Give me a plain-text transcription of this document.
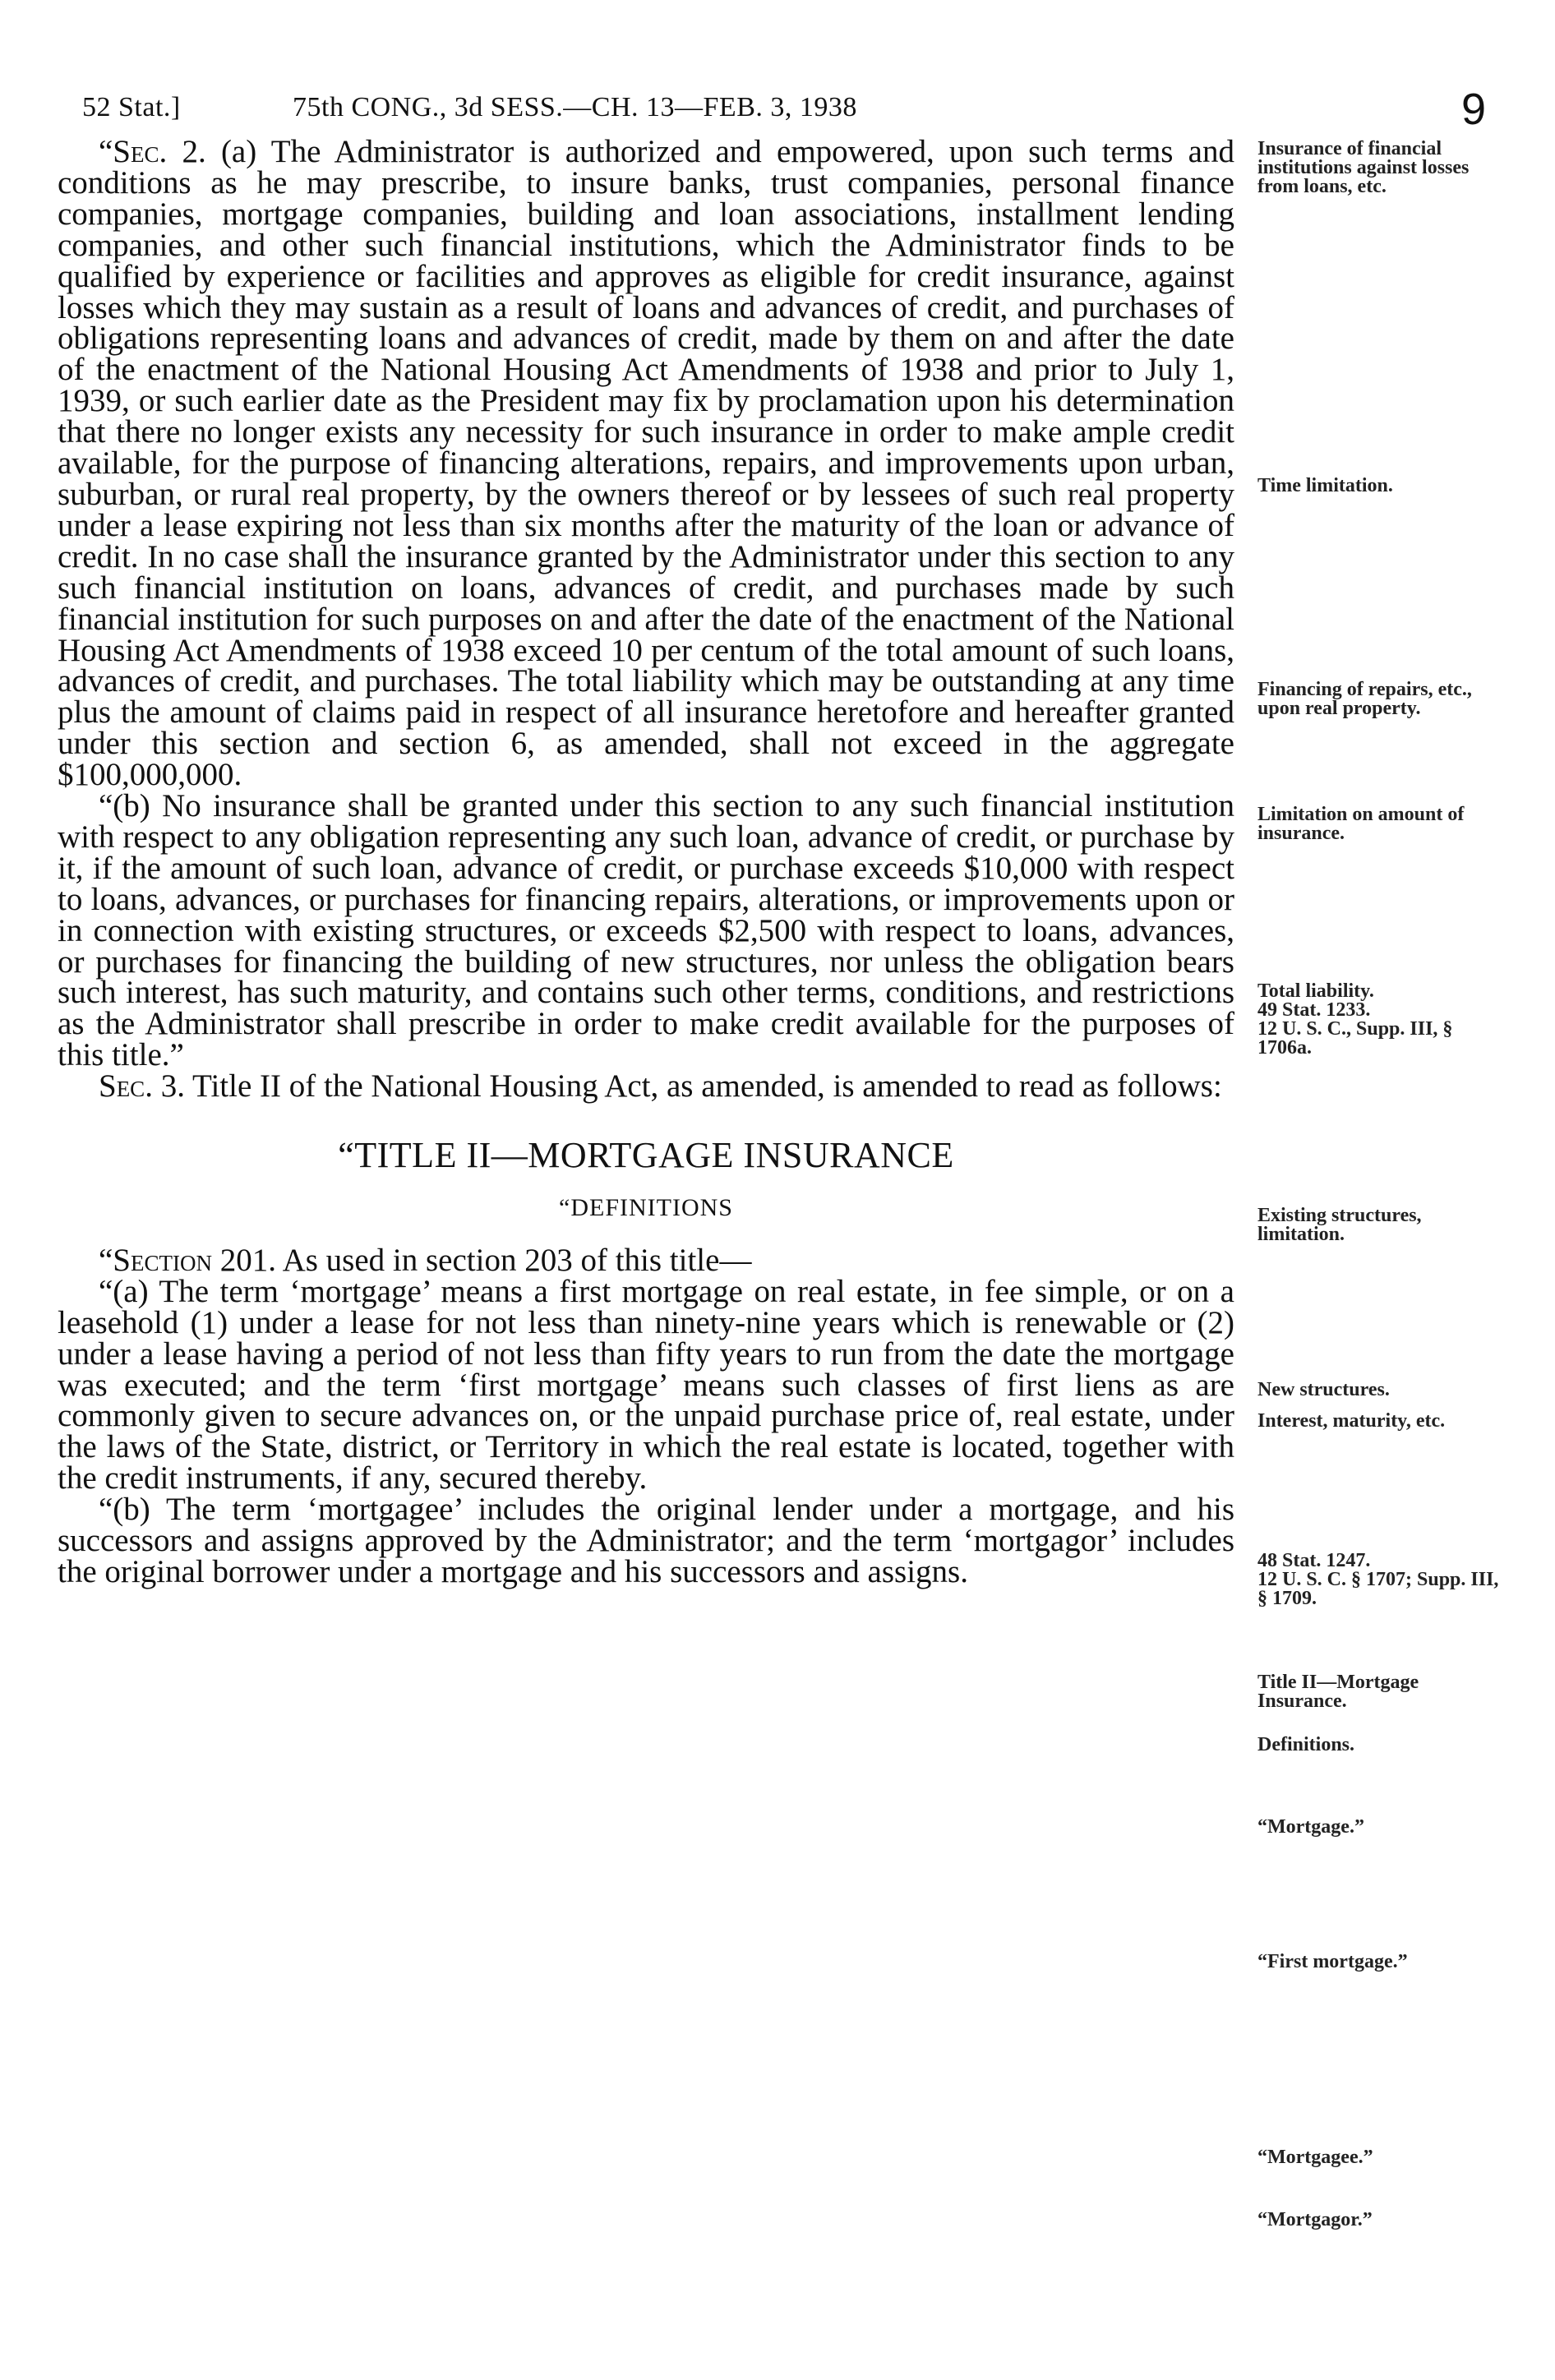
52 Stat.]	75th CONG., 3d SESS.—CH. 13—FEB. 3, 1938	9

“Sec. 2. (a) The Administrator is authorized and empowered, upon such terms and conditions as he may prescribe, to insure banks, trust companies, personal finance companies, mortgage companies, building and loan associations, installment lending companies, and other such financial institutions, which the Administrator finds to be qualified by experience or facilities and approves as eligible for credit insurance, against losses which they may sustain as a result of loans and advances of credit, and purchases of obligations representing loans and advances of credit, made by them on and after the date of the enactment of the National Housing Act Amendments of 1938 and prior to July 1, 1939, or such earlier date as the President may fix by proclamation upon his determination that there no longer exists any necessity for such insurance in order to make ample credit available, for the purpose of financing alterations, repairs, and improvements upon urban, suburban, or rural real property, by the owners thereof or by lessees of such real property under a lease expiring not less than six months after the maturity of the loan or advance of credit. In no case shall the insurance granted by the Administrator under this section to any such financial institution on loans, advances of credit, and purchases made by such financial institution for such purposes on and after the date of the enactment of the National Housing Act Amendments of 1938 exceed 10 per centum of the total amount of such loans, advances of credit, and purchases. The total liability which may be outstanding at any time plus the amount of claims paid in respect of all insurance heretofore and hereafter granted under this section and section 6, as amended, shall not exceed in the aggregate $100,000,000.

“(b) No insurance shall be granted under this section to any such financial institution with respect to any obligation representing any such loan, advance of credit, or purchase by it, if the amount of such loan, advance of credit, or purchase exceeds $10,000 with respect to loans, advances, or purchases for financing repairs, alterations, or improvements upon or in connection with existing structures, or exceeds $2,500 with respect to loans, advances, or purchases for financing the building of new structures, nor unless the obligation bears such interest, has such maturity, and contains such other terms, conditions, and restrictions as the Administrator shall prescribe in order to make credit available for the purposes of this title.”

Sec. 3. Title II of the National Housing Act, as amended, is amended to read as follows:

“TITLE II—MORTGAGE INSURANCE
“DEFINITIONS

“Section 201. As used in section 203 of this title—

“(a) The term ‘mortgage’ means a first mortgage on real estate, in fee simple, or on a leasehold (1) under a lease for not less than ninety-nine years which is renewable or (2) under a lease having a period of not less than fifty years to run from the date the mortgage was executed; and the term ‘first mortgage’ means such classes of first liens as are commonly given to secure advances on, or the unpaid purchase price of, real estate, under the laws of the State, district, or Territory in which the real estate is located, together with the credit instruments, if any, secured thereby.

“(b) The term ‘mortgagee’ includes the original lender under a mortgage, and his successors and assigns approved by the Administrator; and the term ‘mortgagor’ includes the original borrower under a mortgage and his successors and assigns.

Insurance of financial institutions against losses from loans, etc.
Time limitation.
Financing of repairs, etc., upon real property.
Limitation on amount of insurance.
Total liability.
49 Stat. 1233.
12 U. S. C., Supp. III, § 1706a.
Existing structures, limitation.
New structures.
Interest, maturity, etc.
48 Stat. 1247.
12 U. S. C. § 1707; Supp. III, § 1709.
Title II—Mortgage Insurance.
Definitions.
“Mortgage.”
“First mortgage.”
“Mortgagee.”
“Mortgagor.”
